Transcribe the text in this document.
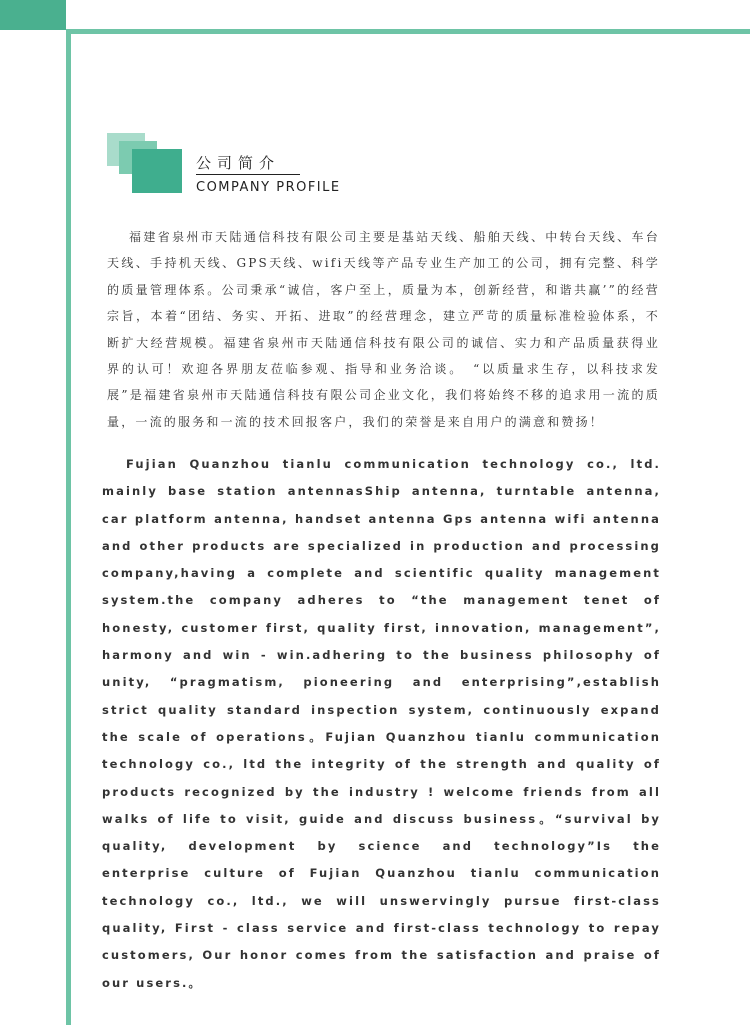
公司简介
COMPANY PROFILE

福建省泉州市天陆通信科技有限公司主要是基站天线、船舶天线、中转台天线、车台天线、手持机天线、GPS天线、wifi天线等产品专业生产加工的公司，拥有完整、科学的质量管理体系。公司秉承“诚信，客户至上，质量为本，创新经营，和谐共赢’”的经营宗旨，本着“团结、务实、开拓、进取”的经营理念，建立严苛的质量标准检验体系，不断扩大经营规模。福建省泉州市天陆通信科技有限公司的诚信、实力和产品质量获得业界的认可！欢迎各界朋友莅临参观、指导和业务洽谈。　“以质量求生存，以科技求发展”是福建省泉州市天陆通信科技有限公司企业文化，我们将始终不移的追求用一流的质量，一流的服务和一流的技术回报客户，我们的荣誉是来自用户的满意和赞扬！

Fujian Quanzhou tianlu communication technology co., ltd. mainly base station antennasShip antenna, turntable antenna, car platform antenna, handset antenna Gps antenna wifi antenna and other products are specialized in production and processing company,having a complete and scientific quality management system.the company adheres to “the management tenet of honesty, customer first, quality first, innovation, management”, harmony and win - win.adhering to the business philosophy of unity, “pragmatism, pioneering and enterprising”,establish strict quality standard inspection system, continuously expand the scale of operations。Fujian Quanzhou tianlu communication technology co., ltd the integrity of the strength and quality of products recognized by the industry ! welcome friends from all walks of life to visit, guide and discuss business。“survival by quality, development by science and technology”Is the enterprise culture of Fujian Quanzhou tianlu communication technology co., ltd., we will unswervingly pursue first-class quality, First - class service and first-class technology to repay customers, Our honor comes from the satisfaction and praise of our users.。
